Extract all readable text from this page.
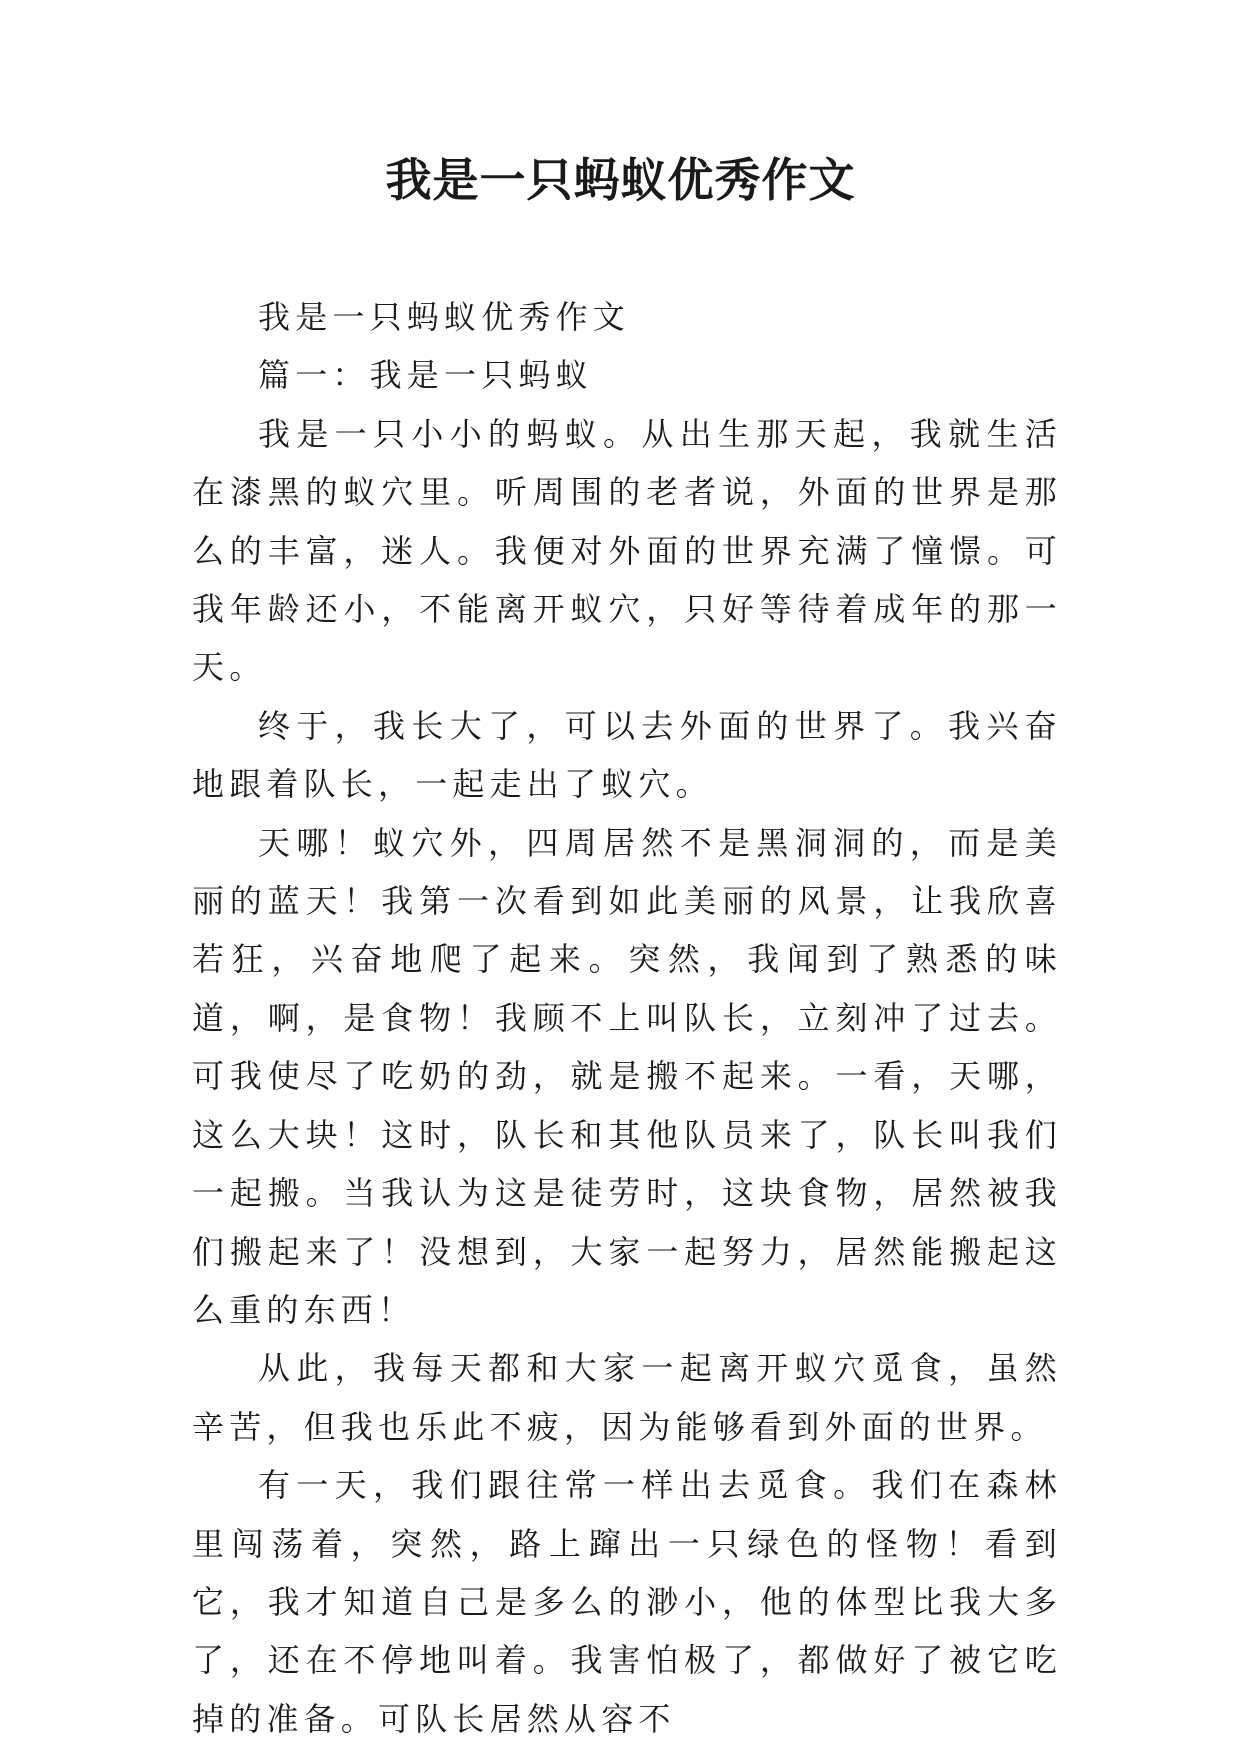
我是一只蚂蚁优秀作文

我是一只蚂蚁优秀作文

篇一：我是一只蚂蚁

我是一只小小的蚂蚁。从出生那天起，我就生活在漆黑的蚁穴里。听周围的老者说，外面的世界是那么的丰富，迷人。我便对外面的世界充满了憧憬。可我年龄还小，不能离开蚁穴，只好等待着成年的那一天。

终于，我长大了，可以去外面的世界了。我兴奋地跟着队长，一起走出了蚁穴。

天哪！蚁穴外，四周居然不是黑洞洞的，而是美丽的蓝天！我第一次看到如此美丽的风景，让我欣喜若狂，兴奋地爬了起来。突然，我闻到了熟悉的味道，啊，是食物！我顾不上叫队长，立刻冲了过去。可我使尽了吃奶的劲，就是搬不起来。一看，天哪，这么大块！这时，队长和其他队员来了，队长叫我们一起搬。当我认为这是徒劳时，这块食物，居然被我们搬起来了！没想到，大家一起努力，居然能搬起这么重的东西！

从此，我每天都和大家一起离开蚁穴觅食，虽然辛苦，但我也乐此不疲，因为能够看到外面的世界。

有一天，我们跟往常一样出去觅食。我们在森林里闯荡着，突然，路上蹿出一只绿色的怪物！看到它，我才知道自己是多么的渺小，他的体型比我大多了，还在不停地叫着。我害怕极了，都做好了被它吃掉的准备。可队长居然从容不
